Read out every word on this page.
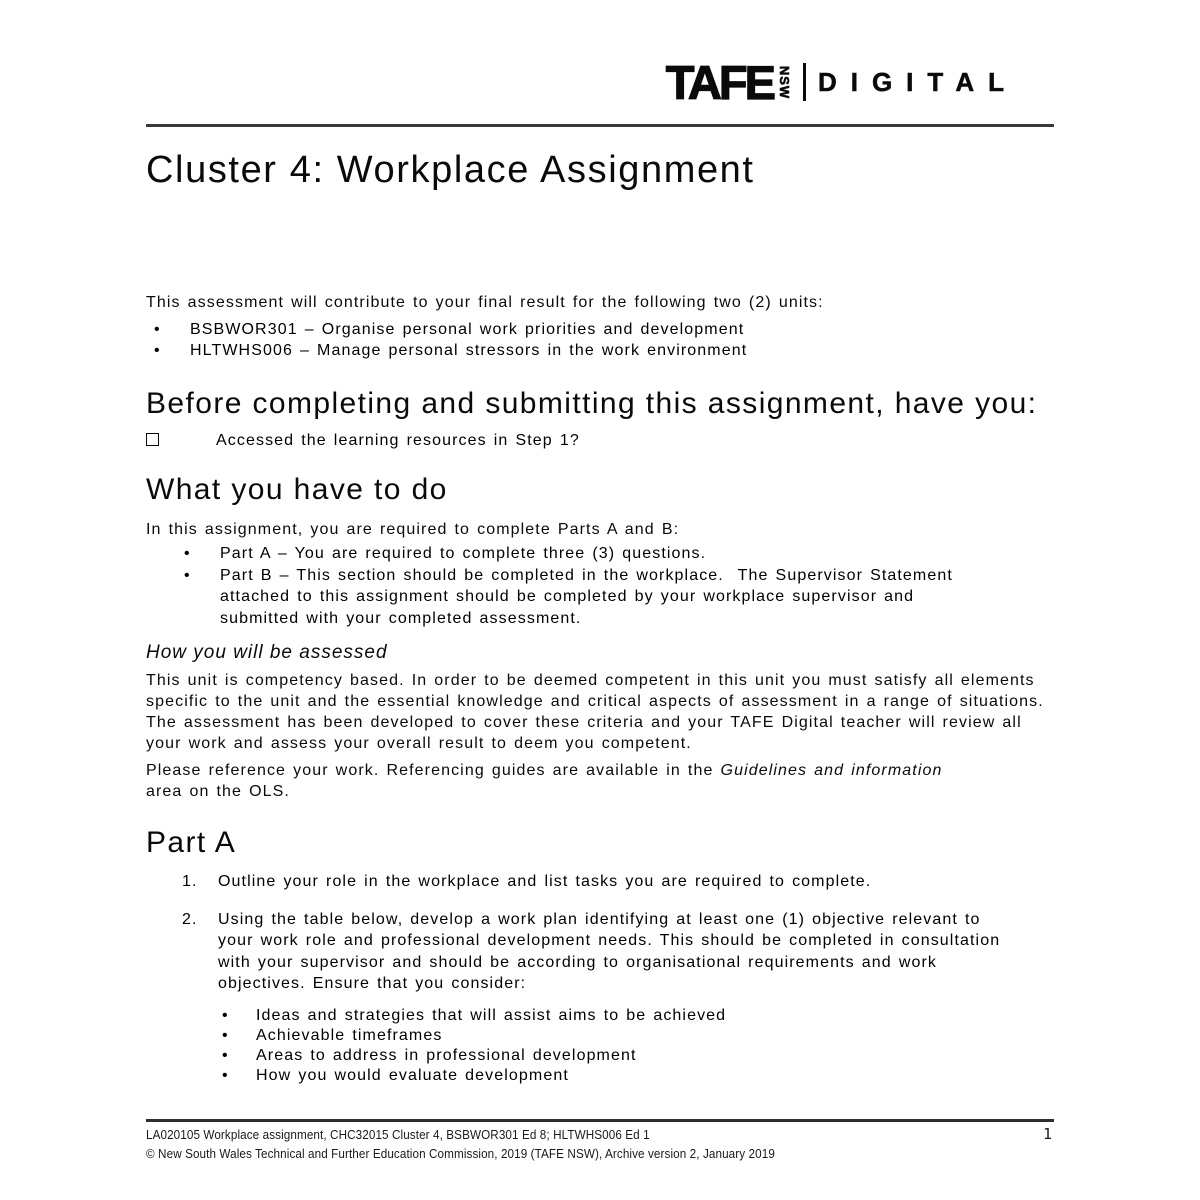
TAFE NSW DIGITAL
Cluster 4: Workplace Assignment

This assessment will contribute to your final result for the following two (2) units:

• BSBWOR301 – Organise personal work priorities and development
• HLTWHS006 – Manage personal stressors in the work environment
Before completing and submitting this assignment, have you:
Accessed the learning resources in Step 1?
What you have to do

In this assignment, you are required to complete Parts A and B:

• Part A – You are required to complete three (3) questions.
• Part B – This section should be completed in the workplace.  The Supervisor Statement attached to this assignment should be completed by your workplace supervisor and submitted with your completed assessment.
How you will be assessed

This unit is competency based. In order to be deemed competent in this unit you must satisfy all elements specific to the unit and the essential knowledge and critical aspects of assessment in a range of situations. The assessment has been developed to cover these criteria and your TAFE Digital teacher will review all your work and assess your overall result to deem you competent.

Please reference your work. Referencing guides are available in the Guidelines and information area on the OLS.

Part A
1. Outline your role in the workplace and list tasks you are required to complete.
2. Using the table below, develop a work plan identifying at least one (1) objective relevant to your work role and professional development needs. This should be completed in consultation with your supervisor and should be according to organisational requirements and work objectives. Ensure that you consider:
• Ideas and strategies that will assist aims to be achieved
• Achievable timeframes
• Areas to address in professional development
• How you would evaluate development
LA020105 Workplace assignment, CHC32015 Cluster 4, BSBWOR301 Ed 8; HLTWHS006 Ed 1
© New South Wales Technical and Further Education Commission, 2019 (TAFE NSW), Archive version 2, January 2019
1
